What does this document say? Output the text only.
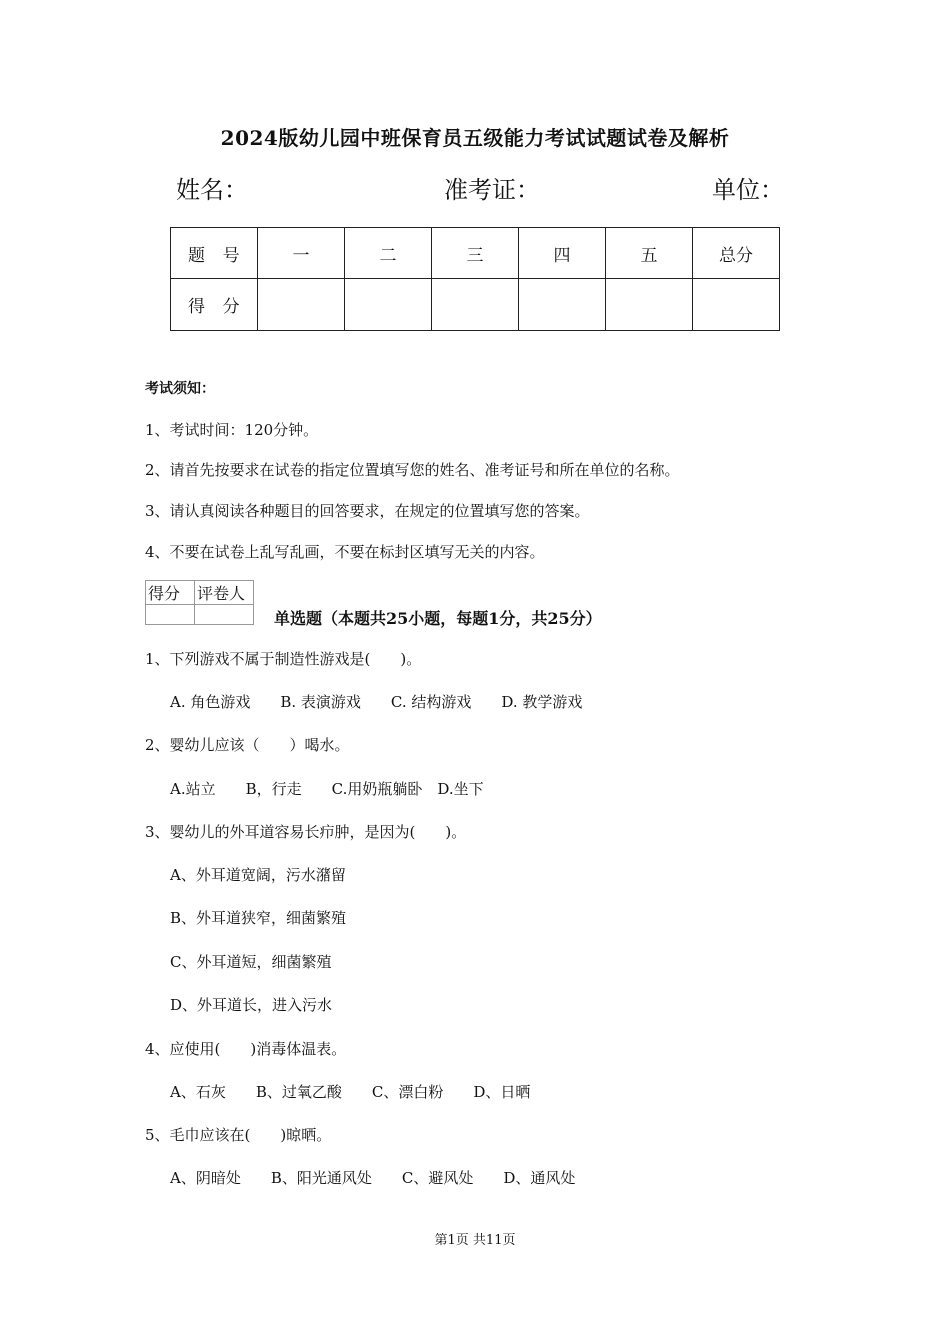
2024版幼儿园中班保育员五级能力考试试题试卷及解析
姓名：	准考证：	单位：
题　号	一	二	三	四	五	总分
得　分						
考试须知：
1、考试时间：120分钟。
2、请首先按要求在试卷的指定位置填写您的姓名、准考证号和所在单位的名称。
3、请认真阅读各种题目的回答要求，在规定的位置填写您的答案。
4、不要在试卷上乱写乱画，不要在标封区填写无关的内容。
得分	评卷人

单选题（本题共25小题，每题1分，共25分）
1、下列游戏不属于制造性游戏是(　　)。
A. 角色游戏　　B. 表演游戏　　C. 结构游戏　　D. 教学游戏
2、婴幼儿应该（　　）喝水。
A.站立　　B，行走　　C.用奶瓶躺卧　D.坐下
3、婴幼儿的外耳道容易长疖肿，是因为(　　)。
A、外耳道宽阔，污水潴留
B、外耳道狭窄，细菌繁殖
C、外耳道短，细菌繁殖
D、外耳道长，进入污水
4、应使用(　　)消毒体温表。
A、石灰　　B、过氧乙酸　　C、漂白粉　　D、日晒
5、毛巾应该在(　　)晾晒。
A、阴暗处　　B、阳光通风处　　C、避风处　　D、通风处
第1页 共11页
